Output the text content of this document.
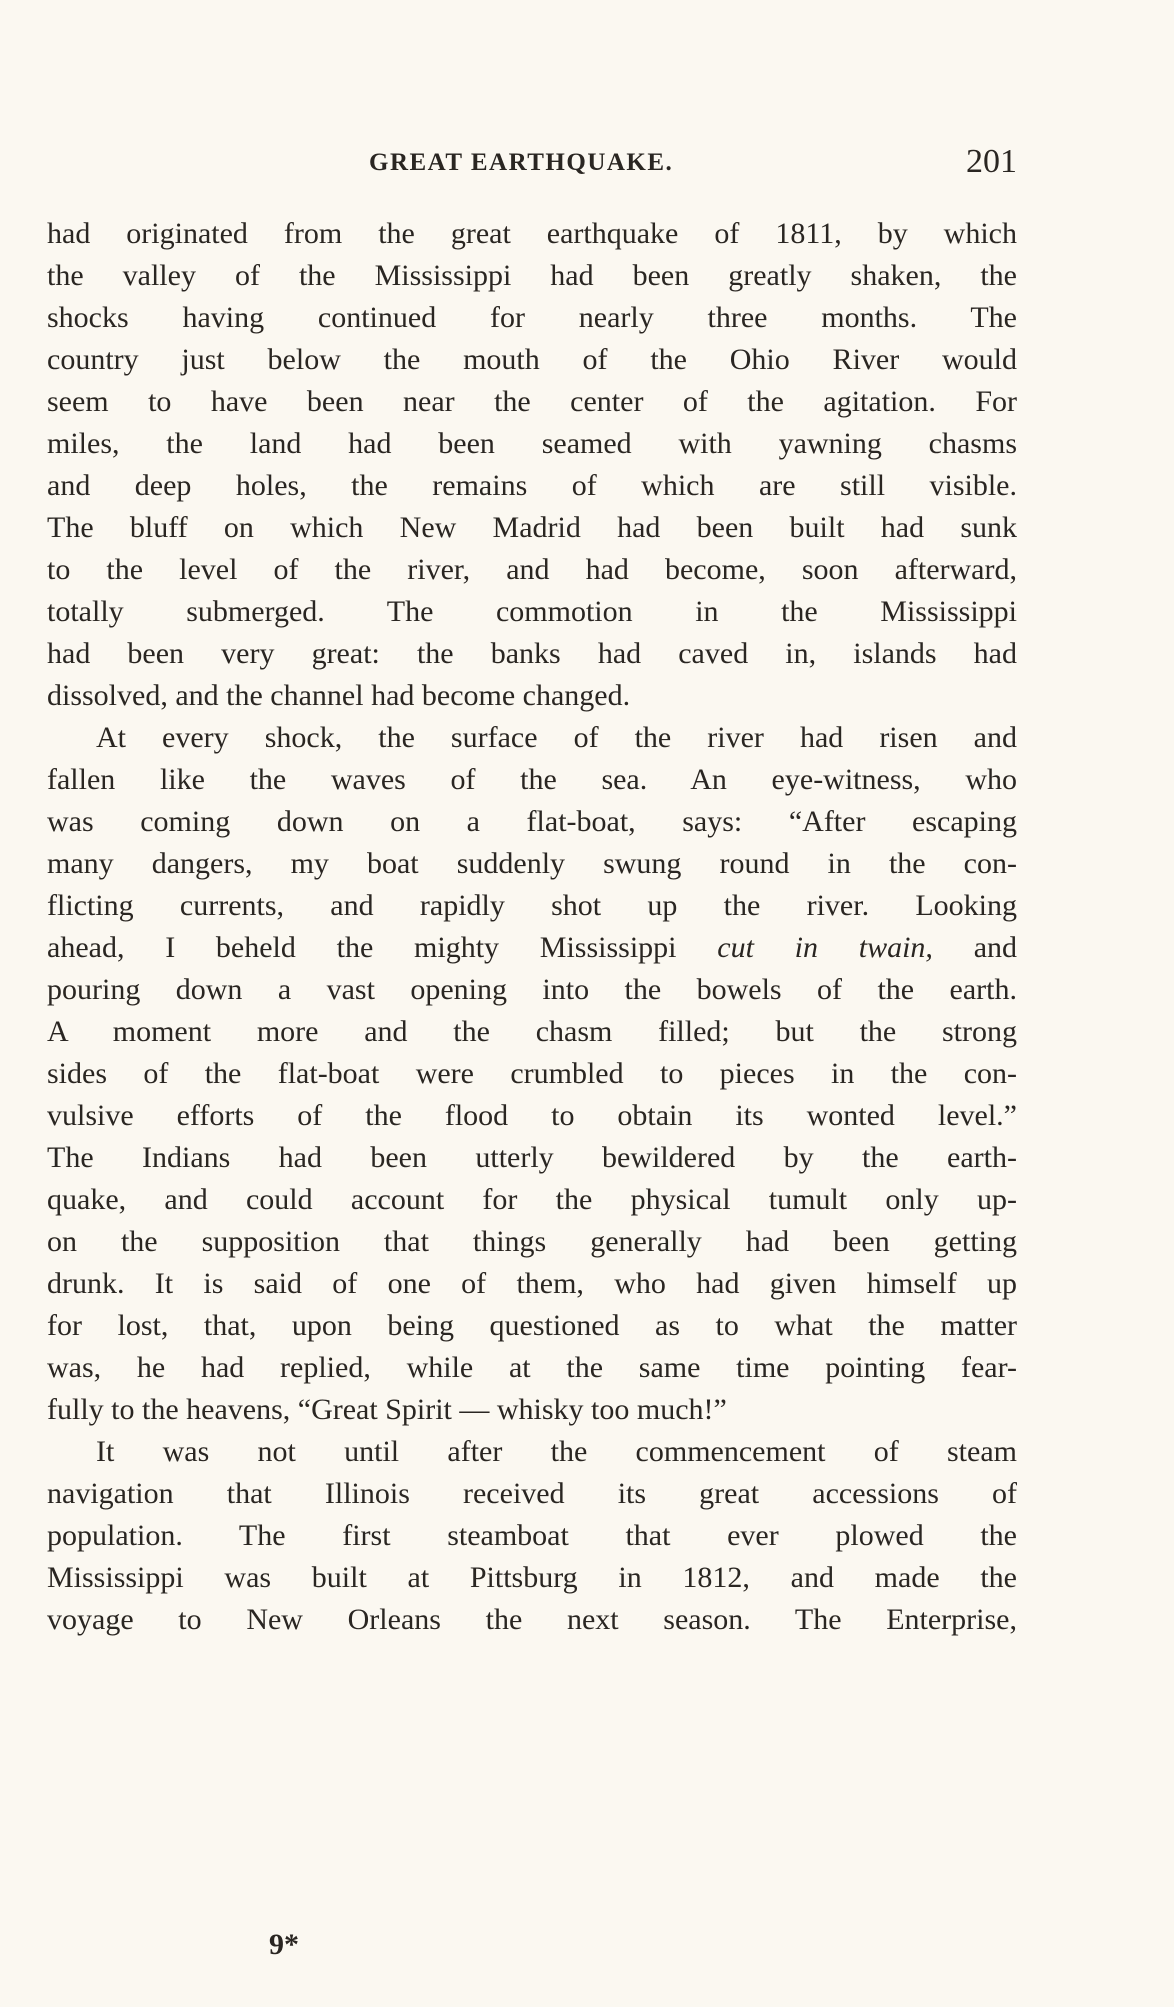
GREAT EARTHQUAKE.	201
had originated from the great earthquake of 1811, by which
the valley of the Mississippi had been greatly shaken, the
shocks having continued for nearly three months. The
country just below the mouth of the Ohio River would
seem to have been near the center of the agitation. For
miles, the land had been seamed with yawning chasms
and deep holes, the remains of which are still visible.
The bluff on which New Madrid had been built had sunk
to the level of the river, and had become, soon afterward,
totally submerged. The commotion in the Mississippi
had been very great: the banks had caved in, islands had
dissolved, and the channel had become changed.
At every shock, the surface of the river had risen and
fallen like the waves of the sea. An eye-witness, who
was coming down on a flat-boat, says: “After escaping
many dangers, my boat suddenly swung round in the con-
flicting currents, and rapidly shot up the river. Looking
ahead, I beheld the mighty Mississippi cut in twain, and
pouring down a vast opening into the bowels of the earth.
A moment more and the chasm filled; but the strong
sides of the flat-boat were crumbled to pieces in the con-
vulsive efforts of the flood to obtain its wonted level.”
The Indians had been utterly bewildered by the earth-
quake, and could account for the physical tumult only up-
on the supposition that things generally had been getting
drunk. It is said of one of them, who had given himself up
for lost, that, upon being questioned as to what the matter
was, he had replied, while at the same time pointing fear-
fully to the heavens, “Great Spirit — whisky too much!”
It was not until after the commencement of steam
navigation that Illinois received its great accessions of
population. The first steamboat that ever plowed the
Mississippi was built at Pittsburg in 1812, and made the
voyage to New Orleans the next season. The Enterprise,
9*
